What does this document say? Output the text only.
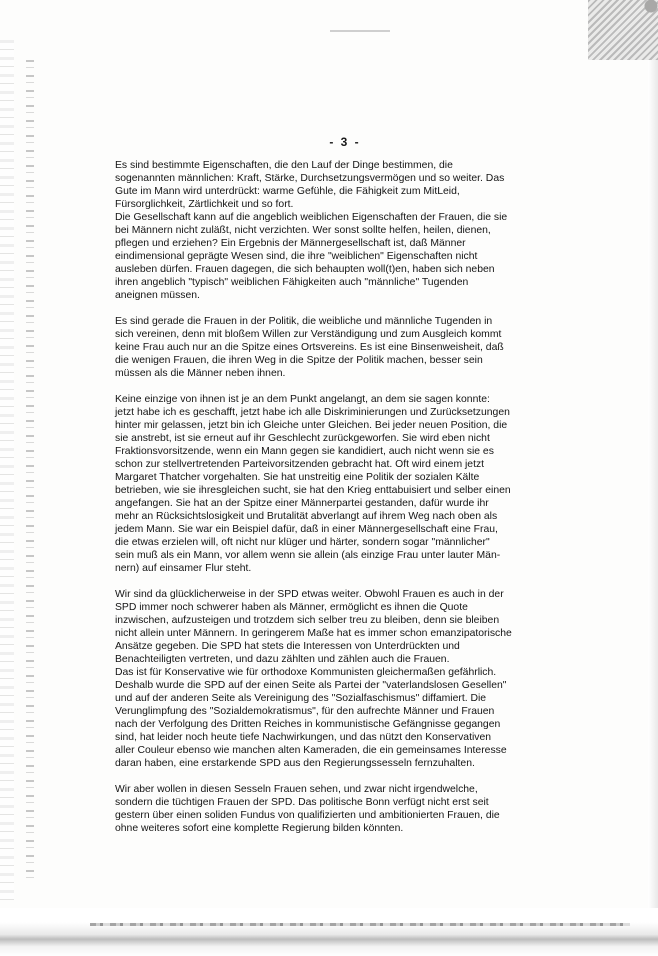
- 3 -
Es sind bestimmte Eigenschaften, die den Lauf der Dinge bestimmen, die
sogenannten männlichen: Kraft, Stärke, Durchsetzungsvermögen und so weiter. Das
Gute im Mann wird unterdrückt: warme Gefühle, die Fähigkeit zum MitLeid,
Fürsorglichkeit, Zärtlichkeit und so fort.
Die Gesellschaft kann auf die angeblich weiblichen Eigenschaften der Frauen, die sie
bei Männern nicht zuläßt, nicht verzichten. Wer sonst sollte helfen, heilen, dienen,
pflegen und erziehen? Ein Ergebnis der Männergesellschaft ist, daß Männer
eindimensional geprägte Wesen sind, die ihre "weiblichen" Eigenschaften nicht
ausleben dürfen. Frauen dagegen, die sich behaupten woll(t)en, haben sich neben
ihren angeblich "typisch" weiblichen Fähigkeiten auch "männliche" Tugenden
aneignen müssen.
Es sind gerade die Frauen in der Politik, die weibliche und männliche Tugenden in
sich vereinen, denn mit bloßem Willen zur Verständigung und zum Ausgleich kommt
keine Frau auch nur an die Spitze eines Ortsvereins. Es ist eine Binsenweisheit, daß
die wenigen Frauen, die ihren Weg in die Spitze der Politik machen, besser sein
müssen als die Männer neben ihnen.
Keine einzige von ihnen ist je an dem Punkt angelangt, an dem sie sagen konnte:
jetzt habe ich es geschafft, jetzt habe ich alle Diskriminierungen und Zurücksetzungen
hinter mir gelassen, jetzt bin ich Gleiche unter Gleichen. Bei jeder neuen Position, die
sie anstrebt, ist sie erneut auf ihr Geschlecht zurückgeworfen. Sie wird eben nicht
Fraktionsvorsitzende, wenn ein Mann gegen sie kandidiert, auch nicht wenn sie es
schon zur stellvertretenden Parteivorsitzenden gebracht hat. Oft wird einem jetzt
Margaret Thatcher vorgehalten. Sie hat unstreitig eine Politik der sozialen Kälte
betrieben, wie sie ihresgleichen sucht, sie hat den Krieg enttabuisiert und selber einen
angefangen. Sie hat an der Spitze einer Männerpartei gestanden, dafür wurde ihr
mehr an Rücksichtslosigkeit und Brutalität abverlangt auf ihrem Weg nach oben als
jedem Mann. Sie war ein Beispiel dafür, daß in einer Männergesellschaft eine Frau,
die etwas erzielen will, oft nicht nur klüger und härter, sondern sogar "männlicher"
sein muß als ein Mann, vor allem wenn sie allein (als einzige Frau unter lauter Män-
nern) auf einsamer Flur steht.
Wir sind da glücklicherweise in der SPD etwas weiter. Obwohl Frauen es auch in der
SPD immer noch schwerer haben als Männer, ermöglicht es ihnen die Quote
inzwischen, aufzusteigen und trotzdem sich selber treu zu bleiben, denn sie bleiben
nicht allein unter Männern. In geringerem Maße hat es immer schon emanzipatorische
Ansätze gegeben. Die SPD hat stets die Interessen von Unterdrückten und
Benachteiligten vertreten, und dazu zählten und zählen auch die Frauen.
Das ist für Konservative wie für orthodoxe Kommunisten gleichermaßen gefährlich.
Deshalb wurde die SPD auf der einen Seite als Partei der "vaterlandslosen Gesellen"
und auf der anderen Seite als Vereinigung des "Sozialfaschismus" diffamiert. Die
Verunglimpfung des "Sozialdemokratismus", für den aufrechte Männer und Frauen
nach der Verfolgung des Dritten Reiches in kommunistische Gefängnisse gegangen
sind, hat leider noch heute tiefe Nachwirkungen, und das nützt den Konservativen
aller Couleur ebenso wie manchen alten Kameraden, die ein gemeinsames Interesse
daran haben, eine erstarkende SPD aus den Regierungssesseln fernzuhalten.
Wir aber wollen in diesen Sesseln Frauen sehen, und zwar nicht irgendwelche,
sondern die tüchtigen Frauen der SPD. Das politische Bonn verfügt nicht erst seit
gestern über einen soliden Fundus von qualifizierten und ambitionierten Frauen, die
ohne weiteres sofort eine komplette Regierung bilden könnten.
